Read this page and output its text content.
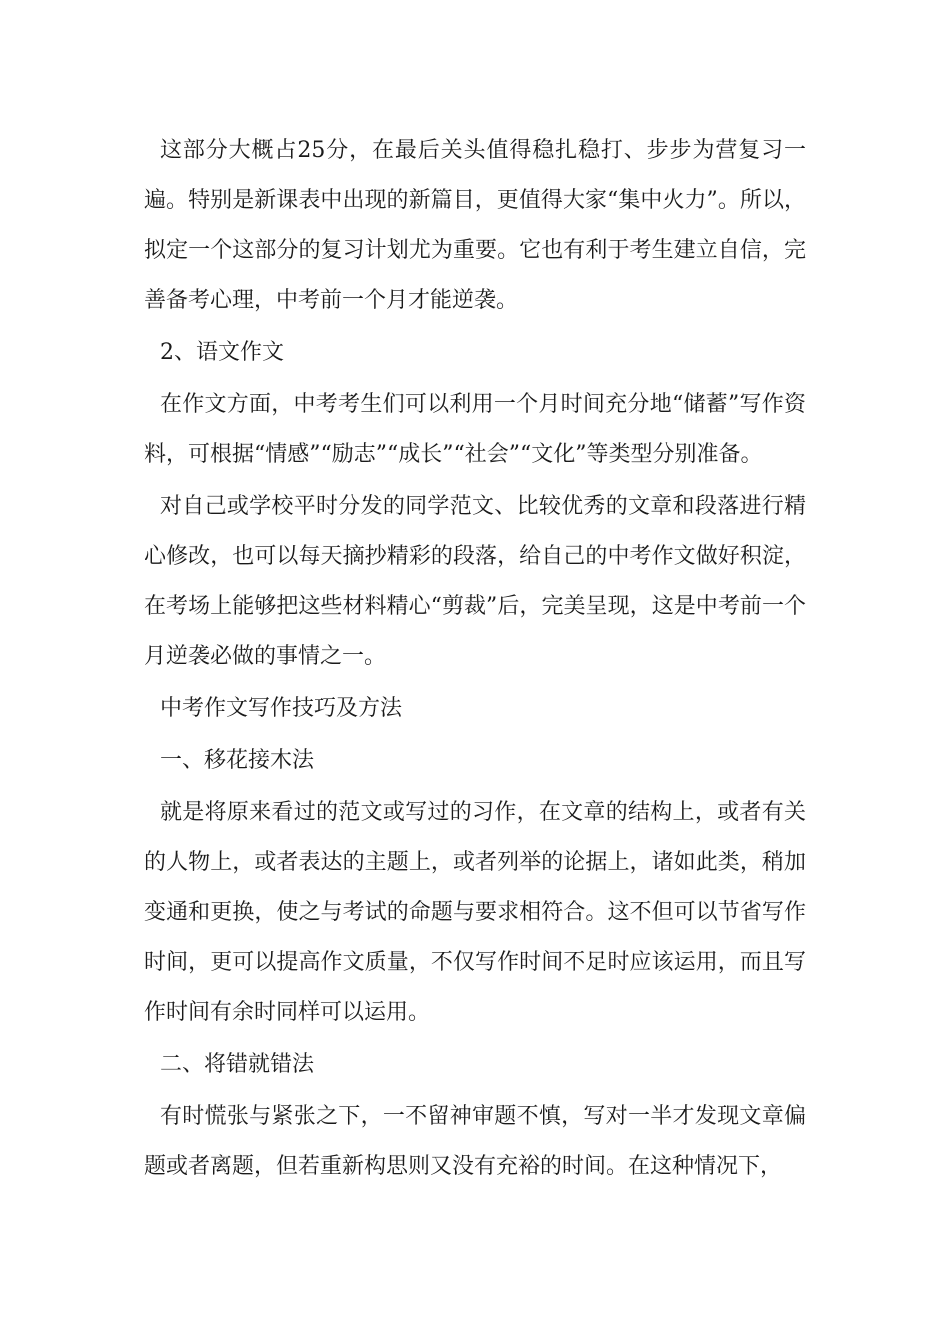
这部分大概占25分，在最后关头值得稳扎稳打、步步为营复习一遍。特别是新课表中出现的新篇目，更值得大家“集中火力”。所以，拟定一个这部分的复习计划尤为重要。它也有利于考生建立自信，完善备考心理，中考前一个月才能逆袭。

2、语文作文

在作文方面，中考考生们可以利用一个月时间充分地“储蓄”写作资料，可根据“情感”“励志”“成长”“社会”“文化”等类型分别准备。

对自己或学校平时分发的同学范文、比较优秀的文章和段落进行精心修改，也可以每天摘抄精彩的段落，给自己的中考作文做好积淀，在考场上能够把这些材料精心“剪裁”后，完美呈现，这是中考前一个月逆袭必做的事情之一。

中考作文写作技巧及方法

一、移花接木法

就是将原来看过的范文或写过的习作，在文章的结构上，或者有关的人物上，或者表达的主题上，或者列举的论据上，诸如此类，稍加变通和更换，使之与考试的命题与要求相符合。这不但可以节省写作时间，更可以提高作文质量，不仅写作时间不足时应该运用，而且写作时间有余时同样可以运用。

二、将错就错法

有时慌张与紧张之下，一不留神审题不慎，写对一半才发现文章偏题或者离题，但若重新构思则又没有充裕的时间。在这种情况下，
